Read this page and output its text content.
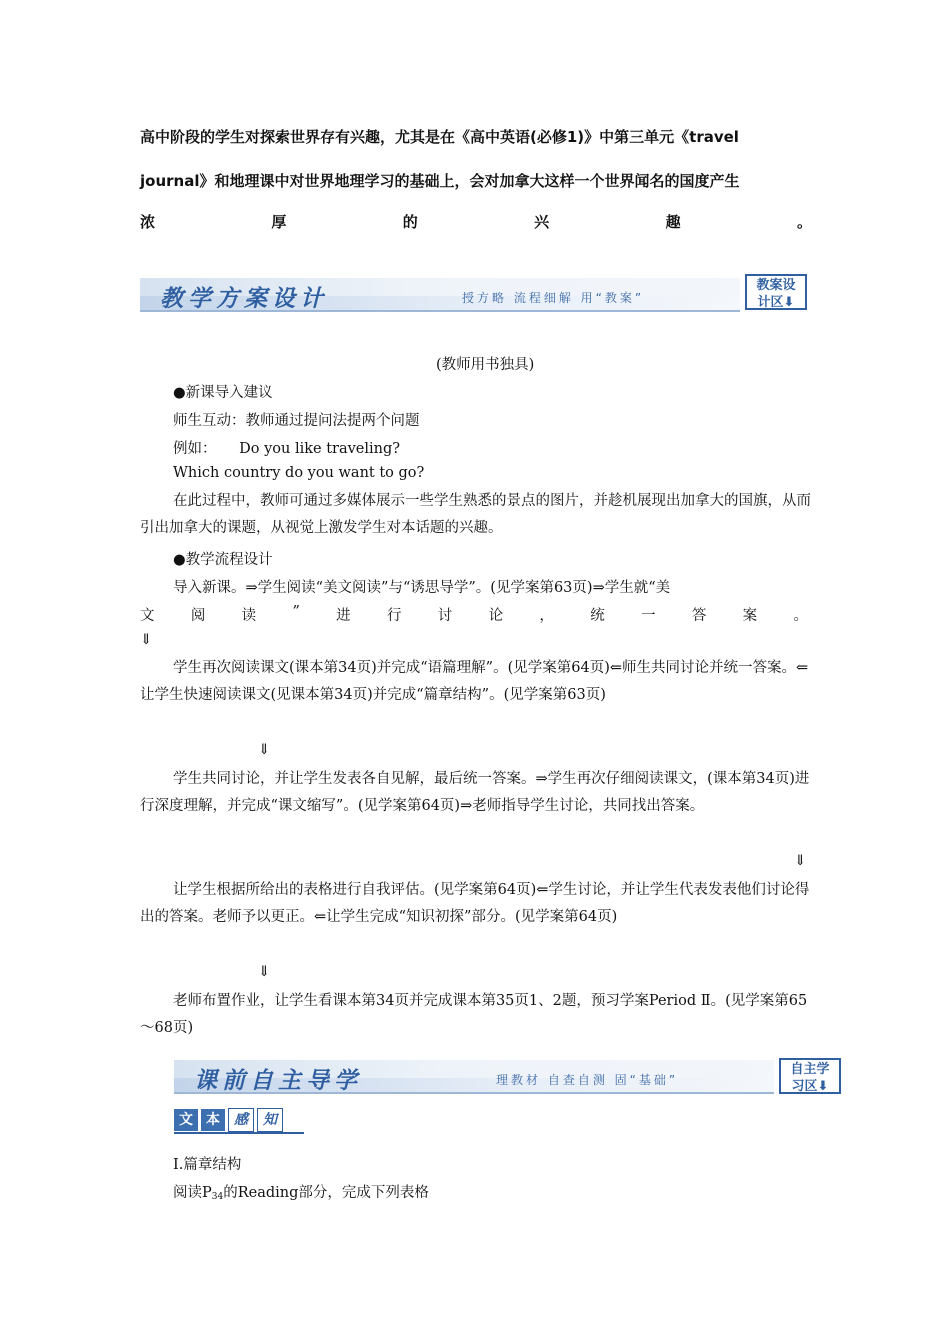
高中阶段的学生对探索世界存有兴趣，尤其是在《高中英语(必修1)》中第三单元《travel
journal》和地理课中对世界地理学习的基础上，会对加拿大这样一个世界闻名的国度产生
浓	厚	的	兴	趣	。
教学方案设计	授方略 流程细解 用“教案”
教案设
计区⬇
(教师用书独具)
●新课导入建议
师生互动：教师通过提问法提两个问题
例如： Do you like traveling?
Which country do you want to go?
在此过程中，教师可通过多媒体展示一些学生熟悉的景点的图片，并趁机展现出加拿大的国旗，从而引出加拿大的课题，从视觉上激发学生对本话题的兴趣。
●教学流程设计
导入新课。⇒学生阅读“美文阅读”与“诱思导学”。(见学案第63页)⇒学生就“美
文	阅	读	”	进	行	讨	论	，	统	一	答	案	。
⇓
学生再次阅读课文(课本第34页)并完成“语篇理解”。(见学案第64页)⇐师生共同讨论并统一答案。⇐让学生快速阅读课文(见课本第34页)并完成“篇章结构”。(见学案第63页)
⇓
学生共同讨论，并让学生发表各自见解，最后统一答案。⇒学生再次仔细阅读课文，(课本第34页)进行深度理解，并完成“课文缩写”。(见学案第64页)⇒老师指导学生讨论，共同找出答案。
⇓
让学生根据所给出的表格进行自我评估。(见学案第64页)⇐学生讨论，并让学生代表发表他们讨论得出的答案。老师予以更正。⇐让学生完成“知识初探”部分。(见学案第64页)
⇓
老师布置作业，让学生看课本第34页并完成课本第35页1、2题，预习学案Period Ⅱ。(见学案第65～68页)
课前自主导学	理教材 自查自测 固“基础”
自主学
习区⬇
文 本	感	知
Ⅰ.篇章结构
阅读$P_{34}$的Reading部分，完成下列表格
